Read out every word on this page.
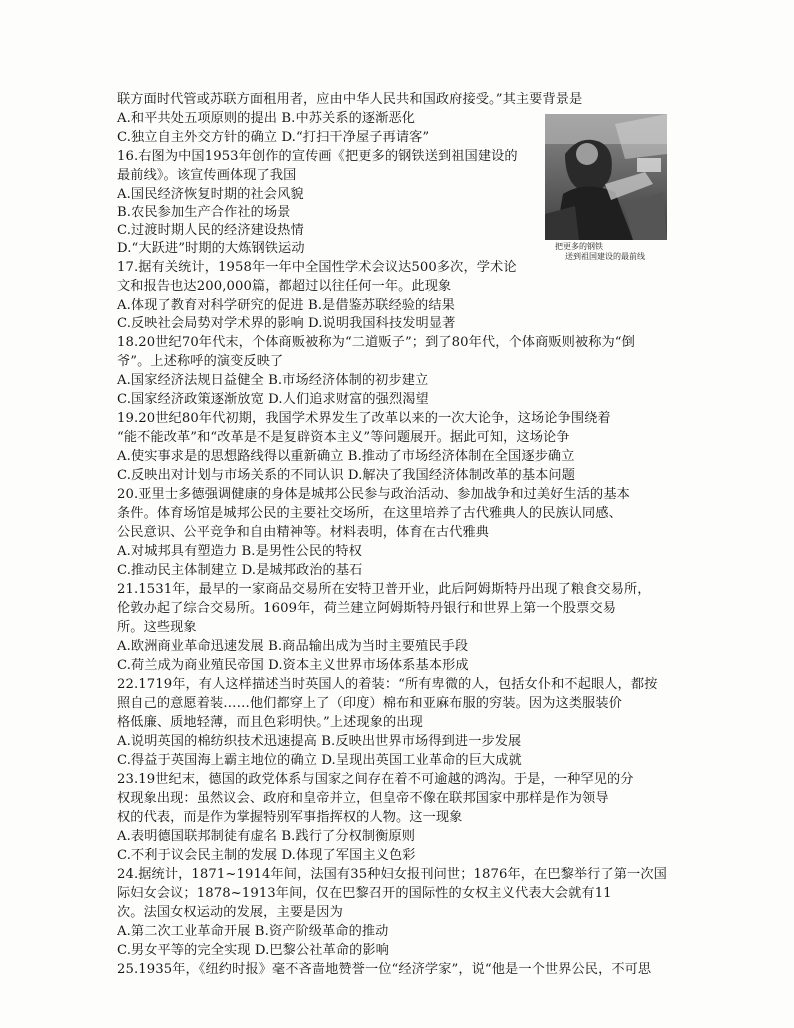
联方面时代管或苏联方面租用者，应由中华人民共和国政府接受。”其主要背景是
A.和平共处五项原则的提出 B.中苏关系的逐渐恶化
C.独立自主外交方针的确立 D.“打扫干净屋子再请客”
16.右图为中国1953年创作的宣传画《把更多的钢铁送到祖国建设的
最前线》。该宣传画体现了我国
A.国民经济恢复时期的社会风貌
B.农民参加生产合作社的场景
C.过渡时期人民的经济建设热情
D.“大跃进”时期的大炼钢铁运动
17.据有关统计，1958年一年中全国性学术会议达500多次，学术论
文和报告也达200,000篇，都超过以往任何一年。此现象
A.体现了教育对科学研究的促进 B.是借鉴苏联经验的结果
C.反映社会局势对学术界的影响 D.说明我国科技发明显著
18.20世纪70年代末，个体商贩被称为“二道贩子”；到了80年代，个体商贩则被称为“倒
爷”。上述称呼的演变反映了
A.国家经济法规日益健全 B.市场经济体制的初步建立
C.国家经济政策逐渐放宽 D.人们追求财富的强烈渴望
19.20世纪80年代初期，我国学术界发生了改革以来的一次大论争，这场论争围绕着
“能不能改革”和“改革是不是复辟资本主义”等问题展开。据此可知，这场论争
A.使实事求是的思想路线得以重新确立 B.推动了市场经济体制在全国逐步确立
C.反映出对计划与市场关系的不同认识 D.解决了我国经济体制改革的基本问题
20.亚里士多德强调健康的身体是城邦公民参与政治活动、参加战争和过美好生活的基本
条件。体育场馆是城邦公民的主要社交场所，在这里培养了古代雅典人的民族认同感、
公民意识、公平竞争和自由精神等。材料表明，体育在古代雅典
A.对城邦具有塑造力 B.是男性公民的特权
C.推动民主体制建立 D.是城邦政治的基石
21.1531年，最早的一家商品交易所在安特卫普开业，此后阿姆斯特丹出现了粮食交易所，
伦敦办起了综合交易所。1609年，荷兰建立阿姆斯特丹银行和世界上第一个股票交易
所。这些现象
A.欧洲商业革命迅速发展 B.商品输出成为当时主要殖民手段
C.荷兰成为商业殖民帝国 D.资本主义世界市场体系基本形成
22.1719年，有人这样描述当时英国人的着装：“所有卑微的人，包括女仆和不起眼人，都按
照自己的意愿着装……他们都穿上了（印度）棉布和亚麻布服的穷装。因为这类服装价
格低廉、质地轻薄，而且色彩明快。”上述现象的出现
A.说明英国的棉纺织技术迅速提高 B.反映出世界市场得到进一步发展
C.得益于英国海上霸主地位的确立 D.呈现出英国工业革命的巨大成就
23.19世纪末，德国的政党体系与国家之间存在着不可逾越的鸿沟。于是，一种罕见的分
权现象出现：虽然议会、政府和皇帝并立，但皇帝不像在联邦国家中那样是作为领导
权的代表，而是作为掌握特别军事指挥权的人物。这一现象
A.表明德国联邦制徒有虚名 B.践行了分权制衡原则
C.不利于议会民主制的发展 D.体现了军国主义色彩
24.据统计，1871~1914年间，法国有35种妇女报刊问世；1876年，在巴黎举行了第一次国
际妇女会议；1878~1913年间，仅在巴黎召开的国际性的女权主义代表大会就有11
次。法国女权运动的发展，主要是因为
A.第二次工业革命开展 B.资产阶级革命的推动
C.男女平等的完全实现 D.巴黎公社革命的影响
25.1935年，《纽约时报》毫不吝啬地赞誉一位“经济学家”，说“他是一个世界公民，不可思
把更多的钢铁
送到祖国建设的最前线
